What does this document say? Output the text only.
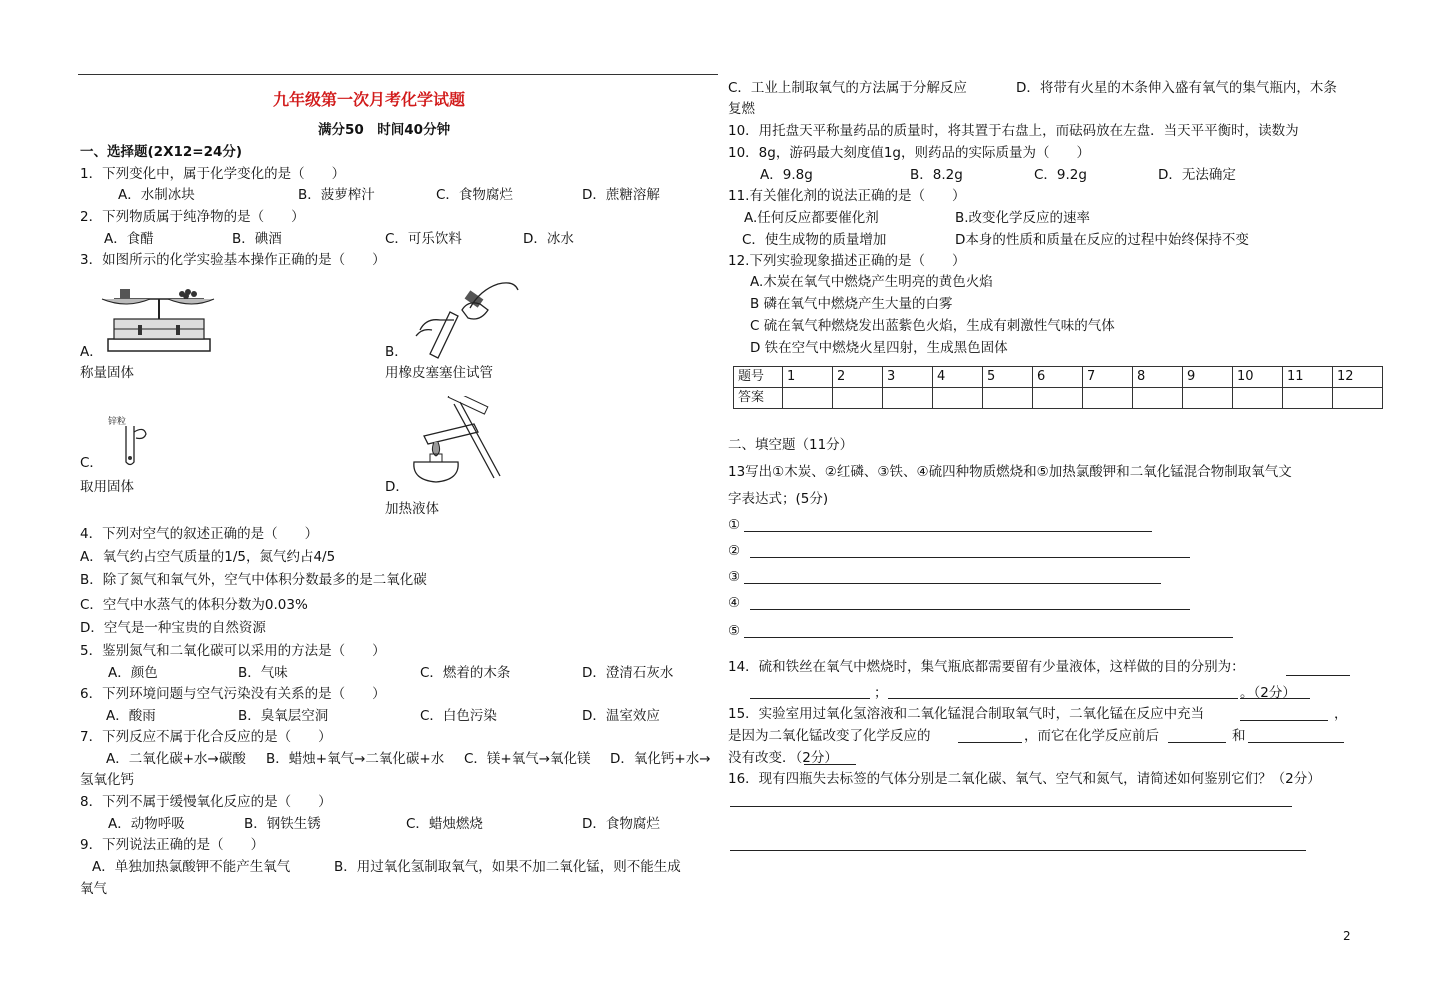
九年级第一次月考化学试题
满分50　时间40分钟
一、选择题(2X12=24分)
1．下列变化中，属于化学变化的是（　　）
A．水制冰块	B．菠萝榨汁	C．食物腐烂	D．蔗糖溶解
2．下列物质属于纯净物的是（　　）
A．食醋	B．碘酒	C．可乐饮料	D．冰水
3．如图所示的化学实验基本操作正确的是（　　）
A．
称量固体
B．
用橡皮塞塞住试管
锌粒
C．
取用固体	D．
加热液体
4．下列对空气的叙述正确的是（　　）
A．氧气约占空气质量的1/5，氮气约占4/5
B．除了氮气和氧气外，空气中体积分数最多的是二氧化碳
C．空气中水蒸气的体积分数为0.03%
D．空气是一种宝贵的自然资源
5．鉴别氮气和二氧化碳可以采用的方法是（　　）
A．颜色	B．气味	C．燃着的木条	D．澄清石灰水
6．下列环境问题与空气污染没有关系的是（　　）
A．酸雨	B．臭氧层空洞	C．白色污染	D．温室效应
7．下列反应不属于化合反应的是（　　）
A．二氧化碳+水→碳酸 B．蜡烛+氧气→二氧化碳+水 C．镁+氧气→氧化镁 D．氧化钙+水→
氢氧化钙
8．下列不属于缓慢氧化反应的是（　　）
A．动物呼吸	B．钢铁生锈	C．蜡烛燃烧	D．食物腐烂
9．下列说法正确的是（　　）
A．单独加热氯酸钾不能产生氧气	B．用过氧化氢制取氧气，如果不加二氧化锰，则不能生成
氧气
C．工业上制取氧气的方法属于分解反应	D．将带有火星的木条伸入盛有氧气的集气瓶内，木条
复燃
10．用托盘天平称量药品的质量时，将其置于右盘上，而砝码放在左盘．当天平平衡时，读数为
10．8g，游码最大刻度值1g，则药品的实际质量为（　　）
A．9.8g	B．8.2g	C．9.2g	D．无法确定
11.有关催化剂的说法正确的是（　　）
A.任何反应都要催化剂	B.改变化学反应的速率
C．使生成物的质量增加	D本身的性质和质量在反应的过程中始终保持不变
12.下列实验现象描述正确的是（　　）
A.木炭在氧气中燃烧产生明亮的黄色火焰
B 磷在氧气中燃烧产生大量的白雾
C 硫在氧气种燃烧发出蓝紫色火焰，生成有刺激性气味的气体
D 铁在空气中燃烧火星四射，生成黑色固体
题号	1	2	3	4	5	6	7	8	9	10	11	12
答案												
二、填空题（11分）
13写出①木炭、②红磷、③铁、④硫四种物质燃烧和⑤加热氯酸钾和二氧化锰混合物制取氧气文
字表达式；(5分)
①
②
③
④
⑤
14．硫和铁丝在氧气中燃烧时，集气瓶底都需要留有少量液体，这样做的目的分别为：
；	。（2分）
15．实验室用过氧化氢溶液和二氧化锰混合制取氧气时，二氧化锰在反应中充当	，
是因为二氧化锰改变了化学反应的	，而它在化学反应前后	和
没有改变．（2分）
16．现有四瓶失去标签的气体分别是二氧化碳、氧气、空气和氮气，请简述如何鉴别它们？（2分）
2
